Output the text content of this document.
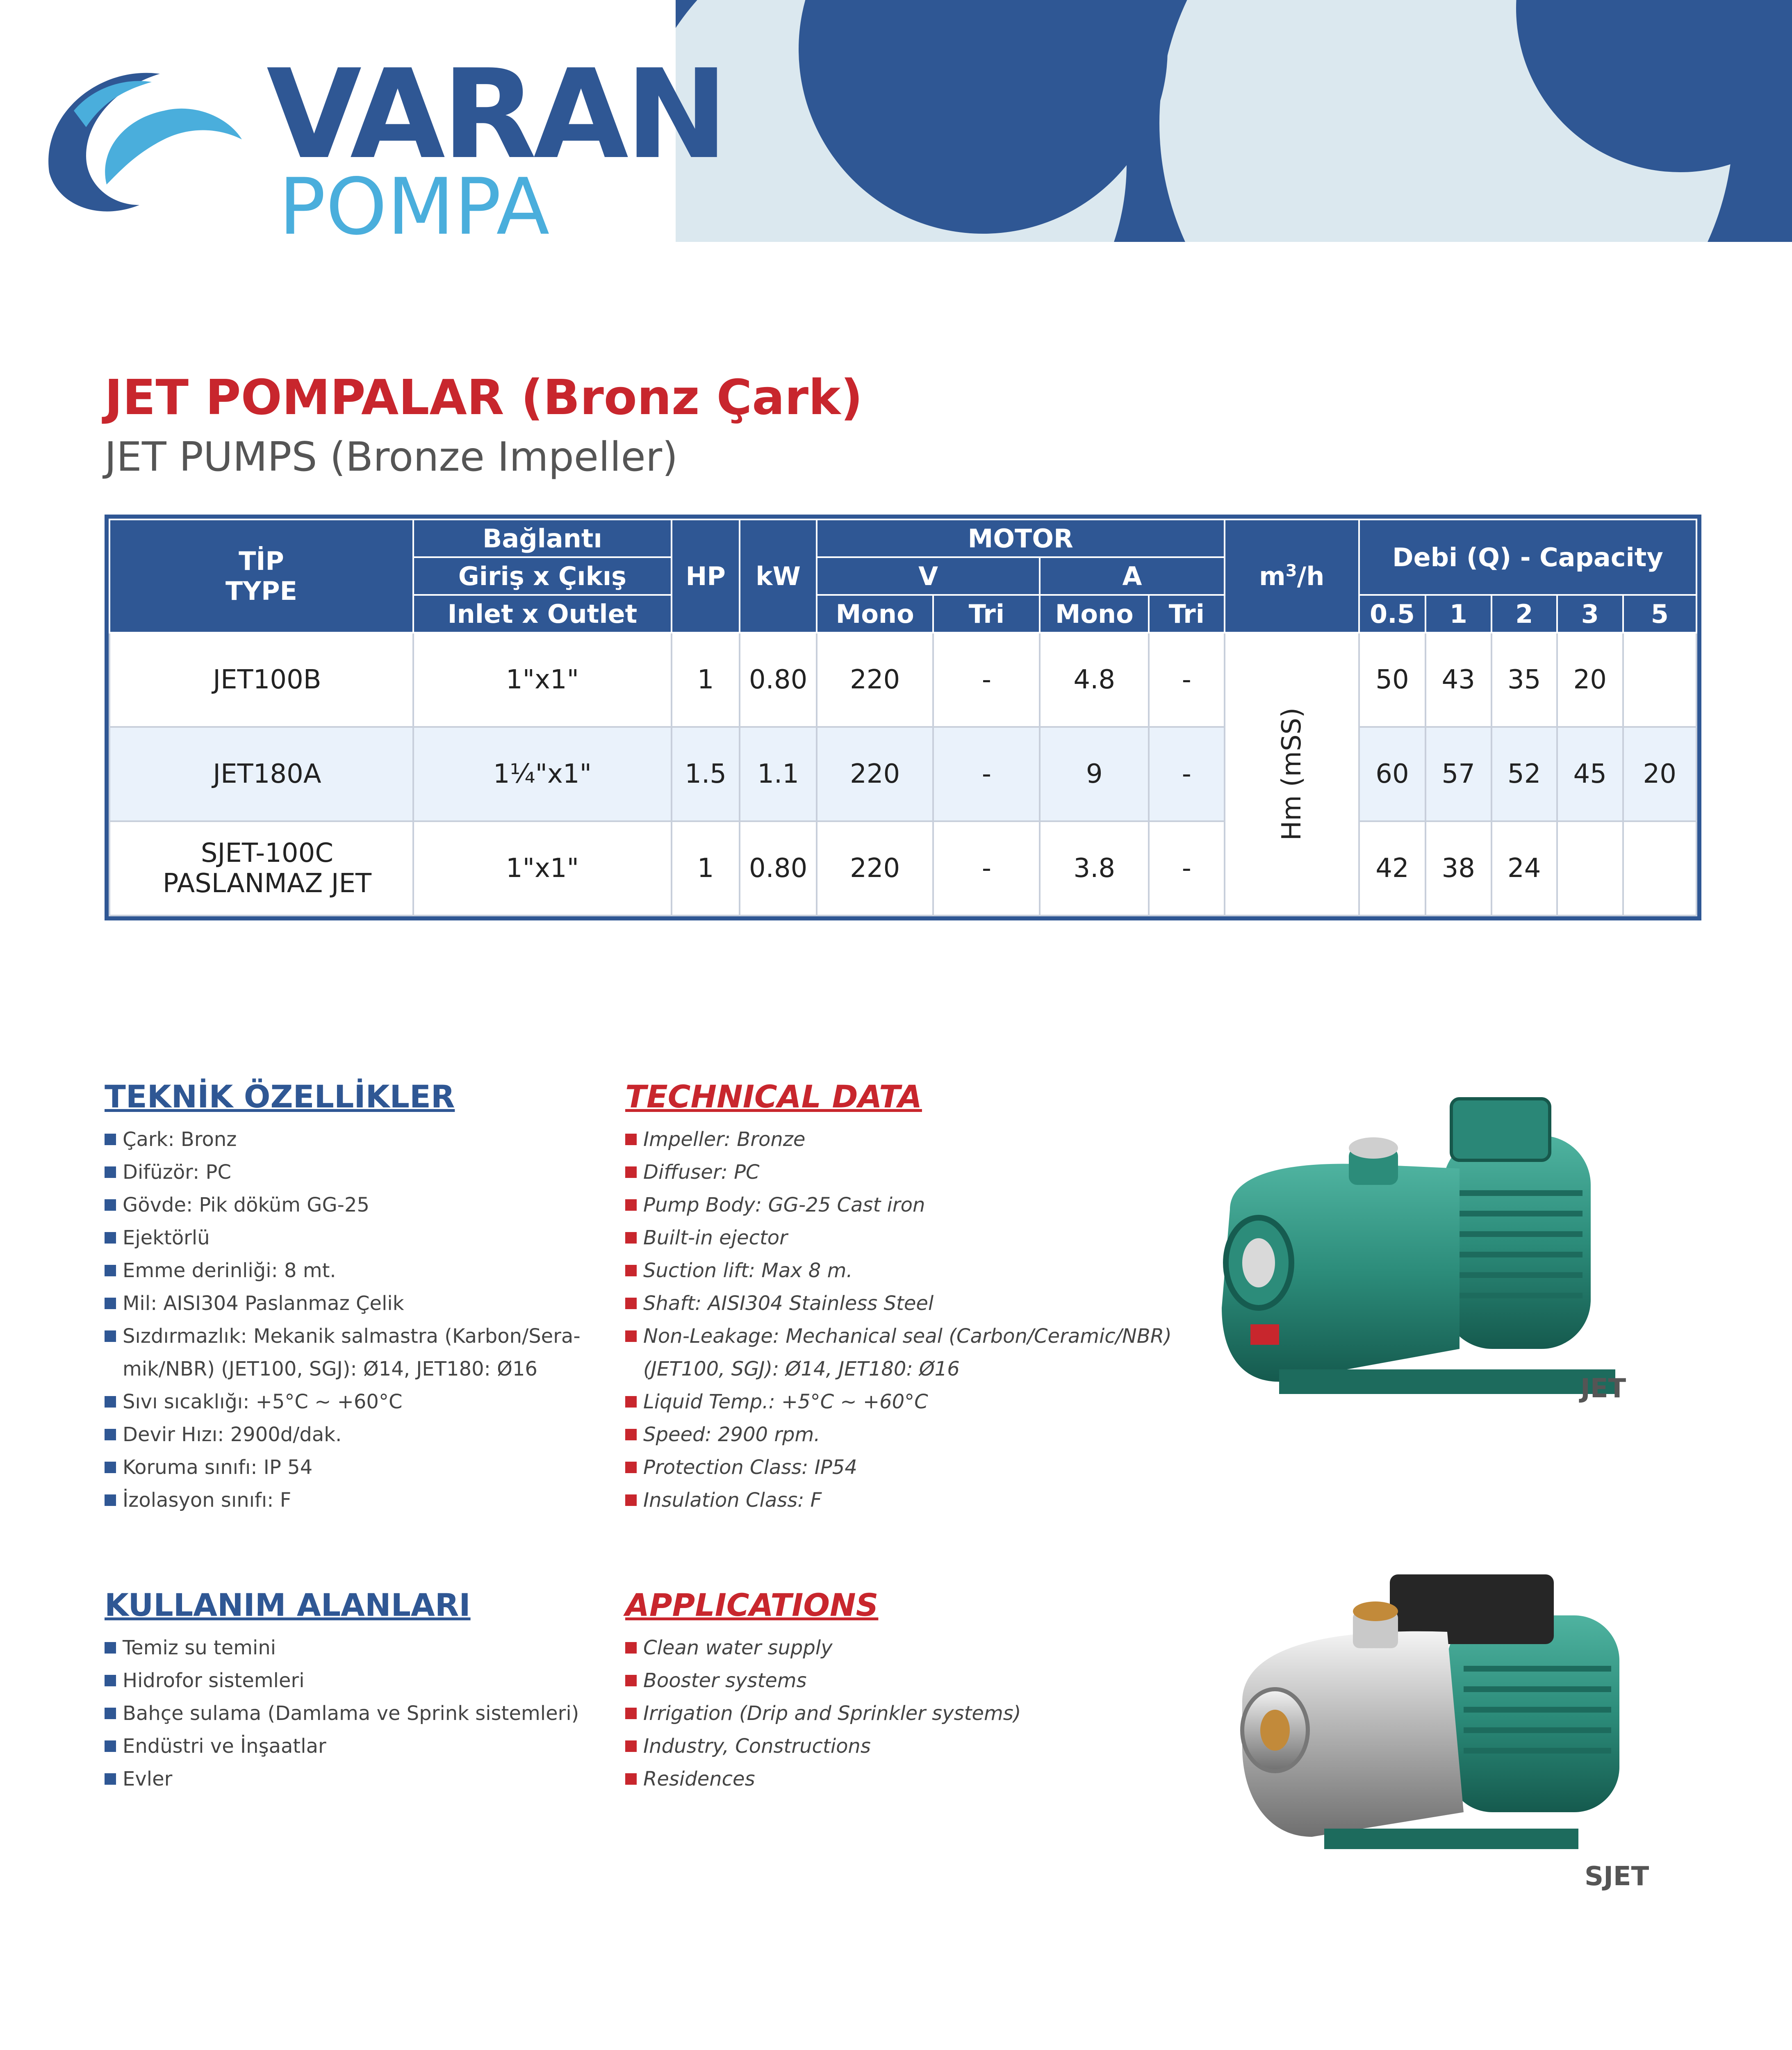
VARAN
POMPA
JET POMPALAR (Bronz Çark)
JET PUMPS (Bronze Impeller)
TİP
TYPE	Bağlantı	HP	kW	MOTOR				$m^3/h$	Debi (Q) - Capacity				
	Giriş x Çıkış			V		A							
	Inlet x Outlet			Mono	Tri	Mono	Tri		0.5	1	2	3	5
JET100B	1"x1"	1	0.80	220	-	4.8	-	Hm (mSS)	50	43	35	20	
JET180A	1¼"x1"	1.5	1.1	220	-	9	-		60	57	52	45	20
SJET-100C
PASLANMAZ JET	1"x1"	1	0.80	220	-	3.8	-		42	38	24		
TEKNİK ÖZELLİKLER
Çark: Bronz
Difüzör: PC
Gövde: Pik döküm GG-25
Ejektörlü
Emme derinliği: 8 mt.
Mil: AISI304 Paslanmaz Çelik
Sızdırmazlık: Mekanik salmastra (Karbon/Sera-mik/NBR) (JET100, SGJ): Ø14, JET180: Ø16
Sıvı sıcaklığı: +5°C ~ +60°C
Devir Hızı: 2900d/dak.
Koruma sınıfı: IP 54
İzolasyon sınıfı: F
TECHNICAL DATA
Impeller: Bronze
Diffuser: PC
Pump Body: GG-25 Cast iron
Built-in ejector
Suction lift: Max 8 m.
Shaft: AISI304 Stainless Steel
Non-Leakage: Mechanical seal (Carbon/Ceramic/NBR) (JET100, SGJ): Ø14, JET180: Ø16
Liquid Temp.: +5°C ~ +60°C
Speed: 2900 rpm.
Protection Class: IP54
Insulation Class: F
KULLANIM ALANLARI
Temiz su temini
Hidrofor sistemleri
Bahçe sulama (Damlama ve Sprink sistemleri)
Endüstri ve İnşaatlar
Evler
APPLICATIONS
Clean water supply
Booster systems
Irrigation (Drip and Sprinkler systems)
Industry, Constructions
Residences
JET
SJET
